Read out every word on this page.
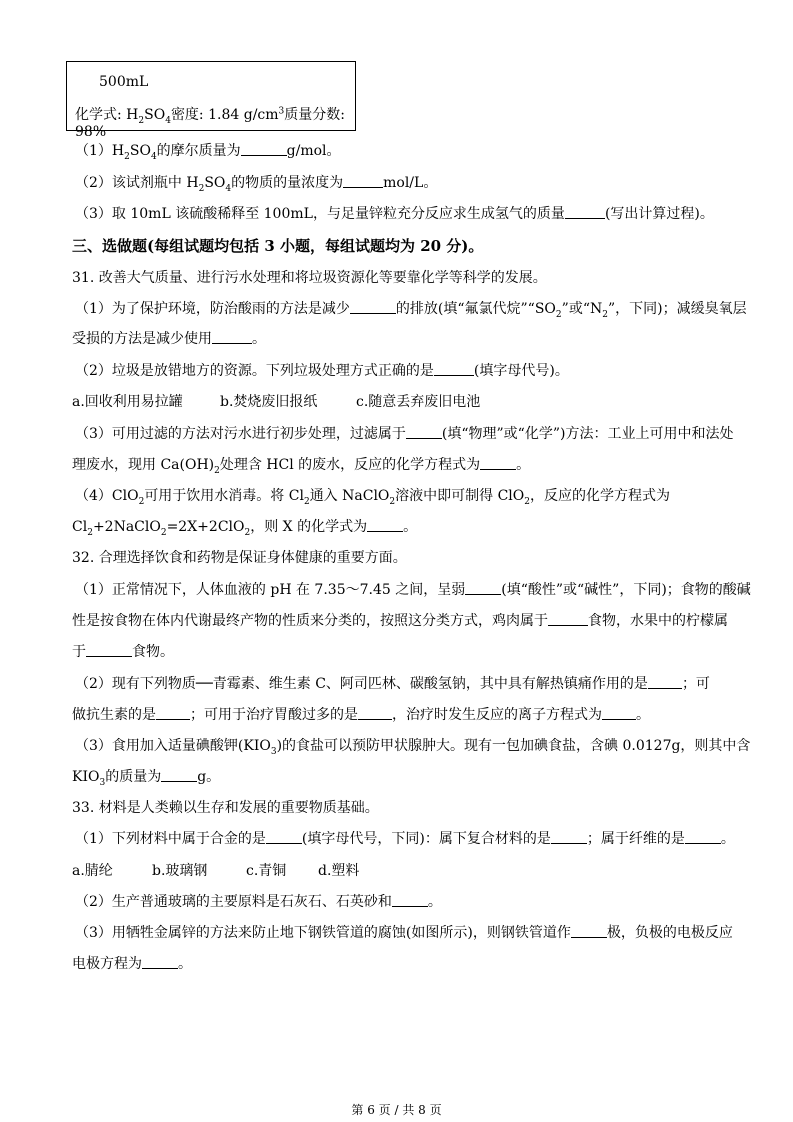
500mL
化学式: $H_2SO_4$密度: 1.84 $g/cm^3$质量分数: 98%
$(1)H_2SO_4$的摩尔质量为	g/mol。
（2）该试剂瓶中 $H_2SO_4$的物质的量浓度为	mol/L。
（3）取 10mL 该硫酸稀释至 100mL，与足量锌粒充分反应求生成氢气的质量	(写出计算过程)。
三、选做题(每组试题均包括 3 小题，每组试题均为 20 分)。
31. 改善大气质量、进行污水处理和将垃圾资源化等要靠化学等科学的发展。
（1）为了保护环境，防治酸雨的方法是减少	的排放(填“氟氯代烷$”“SO_2$”或“$N_2$”，下同)；减缓臭氧层
受损的方法是减少使用	。
（2）垃圾是放错地方的资源。下列垃圾处理方式正确的是	(填字母代号)。
a.回收利用易拉罐	b.焚烧废旧报纸	c.随意丢弃废旧电池
（3）可用过滤的方法对污水进行初步处理，过滤属于	(填“物理”或“化学”)方法：工业上可用中和法处
理废水，现用 $Ca(OH)_2$处理含 HCl 的废水，反应的化学方程式为	。
（4）ClO$_2$可用于饮用水消毒。将 $Cl_2$通入 NaClO$_2$溶液中即可制得 ClO$_2$，反应的化学方程式为
$Cl_2+2NaClO_2=2X+2ClO_2$，则 X 的化学式为	。
32. 合理选择饮食和药物是保证身体健康的重要方面。
（1）正常情况下，人体血液的 pH 在 7.35～7.45 之间，呈弱	(填“酸性”或“碱性”，下同)；食物的酸碱
性是按食物在体内代谢最终产物的性质来分类的，按照这分类方式，鸡肉属于	食物，水果中的柠檬属
于	食物。
（2）现有下列物质──青霉素、维生素 C、阿司匹林、碳酸氢钠，其中具有解热镇痛作用的是 ；可
做抗生素的是 ；可用于治疗胃酸过多的是 ，治疗时发生反应的离子方程式为 。
（3）食用加入适量碘酸钾$(KIO_3)$的食盐可以预防甲状腺肿大。现有一包加碘食盐，含碘 0.0127g，则其中含
$KIO_3$的质量为	g。
33. 材料是人类赖以生存和发展的重要物质基础。
（1）下列材料中属于合金的是	(填字母代号，下同)：属下复合材料的是	；属于纤维的是	。
a.腈纶	b.玻璃钢	c.青铜 d.塑料
（2）生产普通玻璃的主要原料是石灰石、石英砂和	。
（3）用牺牲金属锌的方法来防止地下钢铁管道的腐蚀(如图所示)，则钢铁管道作	极，负极的电极反应
电极方程为	。
第 6 页 / 共 8 页
